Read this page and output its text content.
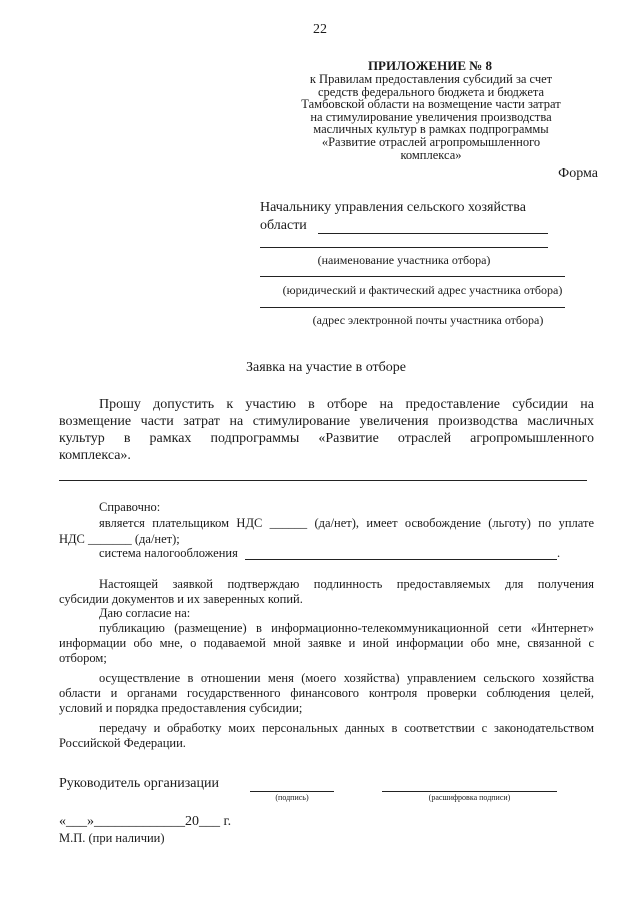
22
ПРИЛОЖЕНИЕ № 8
к Правилам предоставления субсидий за счет
средств федерального бюджета и бюджета
Тамбовской области на возмещение части затрат
на стимулирование увеличения производства
масличных культур в рамках подпрограммы
«Развитие отраслей агропромышленного
комплекса»
Форма
Начальнику управления сельского хозяйства
области
(наименование участника отбора)
(юридический и фактический адрес участника отбора)
(адрес электронной почты участника отбора)
Заявка на участие в отборе
Прошу допустить к участию в отборе на предоставление субсидии на
возмещение части затрат на стимулирование увеличения производства масличных
культур в рамках подпрограммы «Развитие отраслей агропромышленного
комплекса».
Справочно:
является плательщиком НДС ______ (да/нет), имеет освобождение (льготу) по уплате
НДС _______ (да/нет);
система налогообложения	.
Настоящей заявкой подтверждаю подлинность предоставляемых для получения
субсидии документов и их заверенных копий.
Даю согласие на:
публикацию (размещение) в информационно-телекоммуникационной сети «Интернет»
информации обо мне, о подаваемой мной заявке и иной информации обо мне, связанной с
отбором;
осуществление в отношении меня (моего хозяйства) управлением сельского хозяйства
области и органами государственного финансового контроля проверки соблюдения целей,
условий и порядка предоставления субсидии;
передачу и обработку моих персональных данных в соответствии с законодательством
Российской Федерации.
Руководитель организации
(подпись)	(расшифровка подписи)
«___»_____________20___ г.
М.П. (при наличии)
